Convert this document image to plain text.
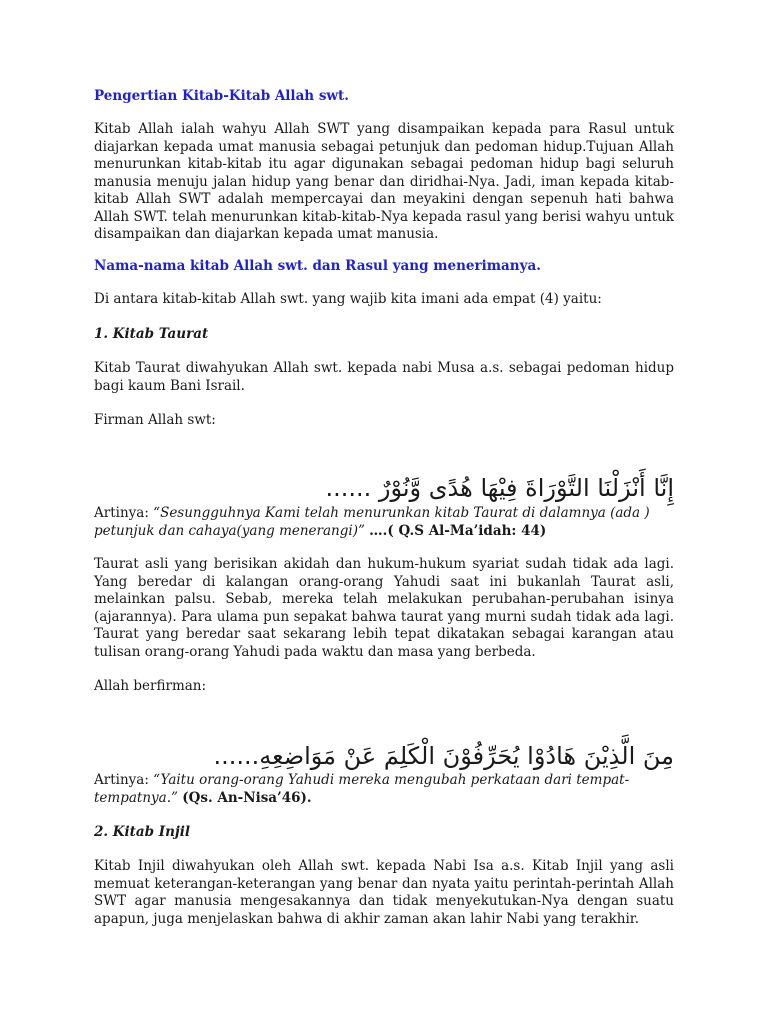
Pengertian Kitab-Kitab Allah swt.

Kitab Allah ialah wahyu Allah SWT yang disampaikan kepada para Rasul untuk diajarkan kepada umat manusia sebagai petunjuk dan pedoman hidup.Tujuan Allah menurunkan kitab-kitab itu agar digunakan sebagai pedoman hidup bagi seluruh manusia menuju jalan hidup yang benar dan diridhai-Nya. Jadi, iman kepada kitab-kitab Allah SWT adalah mempercayai dan meyakini dengan sepenuh hati bahwa Allah SWT. telah menurunkan kitab-kitab-Nya kepada rasul yang berisi wahyu untuk disampaikan dan diajarkan kepada umat manusia.

Nama-nama kitab Allah swt. dan Rasul yang menerimanya.

Di antara kitab-kitab Allah swt. yang wajib kita imani ada empat (4) yaitu:

1. Kitab Taurat

Kitab Taurat diwahyukan Allah swt. kepada nabi Musa a.s. sebagai pedoman hidup bagi kaum Bani Israil.

Firman Allah swt:

إِنَّا أَنْزَلْنَا التَّوْرَاةَ فِيْهَا هُدًى وَّنُوْرٌ ......

Artinya: “Sesungguhnya Kami telah menurunkan kitab Taurat di dalamnya (ada ) petunjuk dan cahaya(yang menerangi)” ….( Q.S Al-Ma’idah: 44)

Taurat asli yang berisikan akidah dan hukum-hukum syariat sudah tidak ada lagi. Yang beredar di kalangan orang-orang Yahudi saat ini bukanlah Taurat asli, melainkan palsu. Sebab, mereka telah melakukan perubahan-perubahan isinya (ajarannya). Para ulama pun sepakat bahwa taurat yang murni sudah tidak ada lagi. Taurat yang beredar saat sekarang lebih tepat dikatakan sebagai karangan atau tulisan orang-orang Yahudi pada waktu dan masa yang berbeda.

Allah berfirman:

مِنَ الَّذِيْنَ هَادُوْا يُحَرِّفُوْنَ الْكَلِمَ عَنْ مَوَاضِعِهِ......

Artinya: “Yaitu orang-orang Yahudi mereka mengubah perkataan dari tempat-tempatnya.” (Qs. An-Nisa’46).

2. Kitab Injil

Kitab Injil diwahyukan oleh Allah swt. kepada Nabi Isa a.s. Kitab Injil yang asli memuat keterangan-keterangan yang benar dan nyata yaitu perintah-perintah Allah SWT agar manusia mengesakannya dan tidak menyekutukan-Nya dengan suatu apapun, juga menjelaskan bahwa di akhir zaman akan lahir Nabi yang terakhir.
